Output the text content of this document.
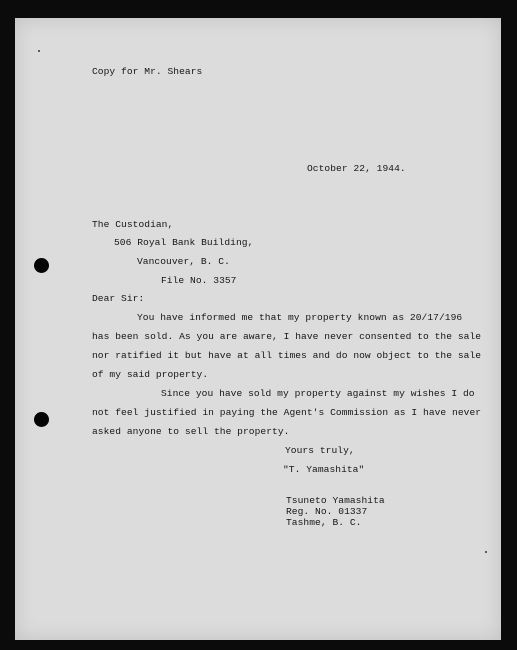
Copy for Mr. Shears
October 22, 1944.
The Custodian,
506 Royal Bank Building,
Vancouver, B. C.
File No. 3357
Dear Sir:
You have informed me that my property known as 20/17/196
has been sold. As you are aware, I have never consented to the sale
nor ratified it but have at all times and do now object to the sale
of my said property.
Since you have sold my property against my wishes I do
not feel justified in paying the Agent's Commission as I have never
asked anyone to sell the property.
Yours truly,
"T. Yamashita"
Tsuneto Yamashita
Reg. No. 01337
Tashme, B. C.
